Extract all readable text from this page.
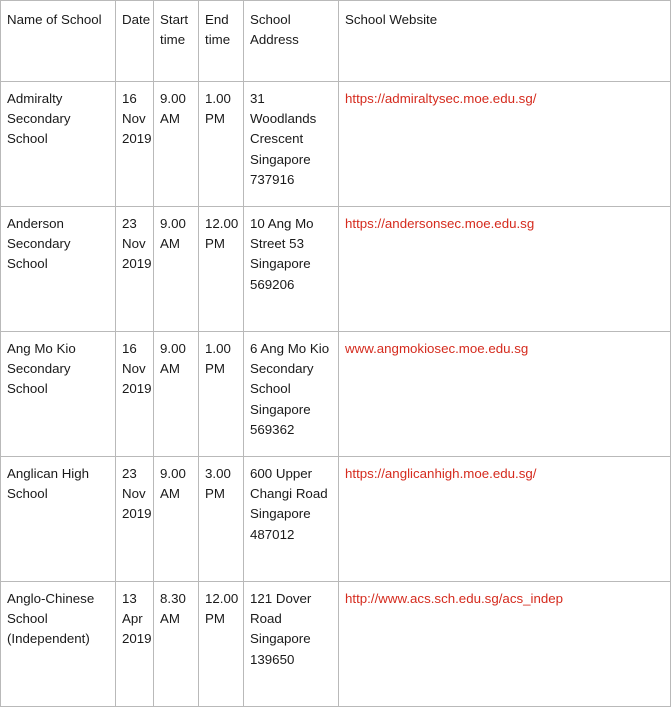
Name of School	Date	Start time	End time	School Address	School Website
Admiralty Secondary School	16 Nov 2019	9.00 AM	1.00 PM	31 Woodlands Crescent Singapore 737916	https://admiraltysec.moe.edu.sg/
Anderson Secondary School	23 Nov 2019	9.00 AM	12.00 PM	10 Ang Mo Street 53 Singapore 569206	https://andersonsec.moe.edu.sg
Ang Mo Kio Secondary School	16 Nov 2019	9.00 AM	1.00 PM	6 Ang Mo Kio Secondary School Singapore 569362	www.angmokiosec.moe.edu.sg
Anglican High School	23 Nov 2019	9.00 AM	3.00 PM	600 Upper Changi Road Singapore 487012	https://anglicanhigh.moe.edu.sg/
Anglo-Chinese School (Independent)	13 Apr 2019	8.30 AM	12.00 PM	121 Dover Road Singapore 139650	http://www.acs.sch.edu.sg/acs_indep
